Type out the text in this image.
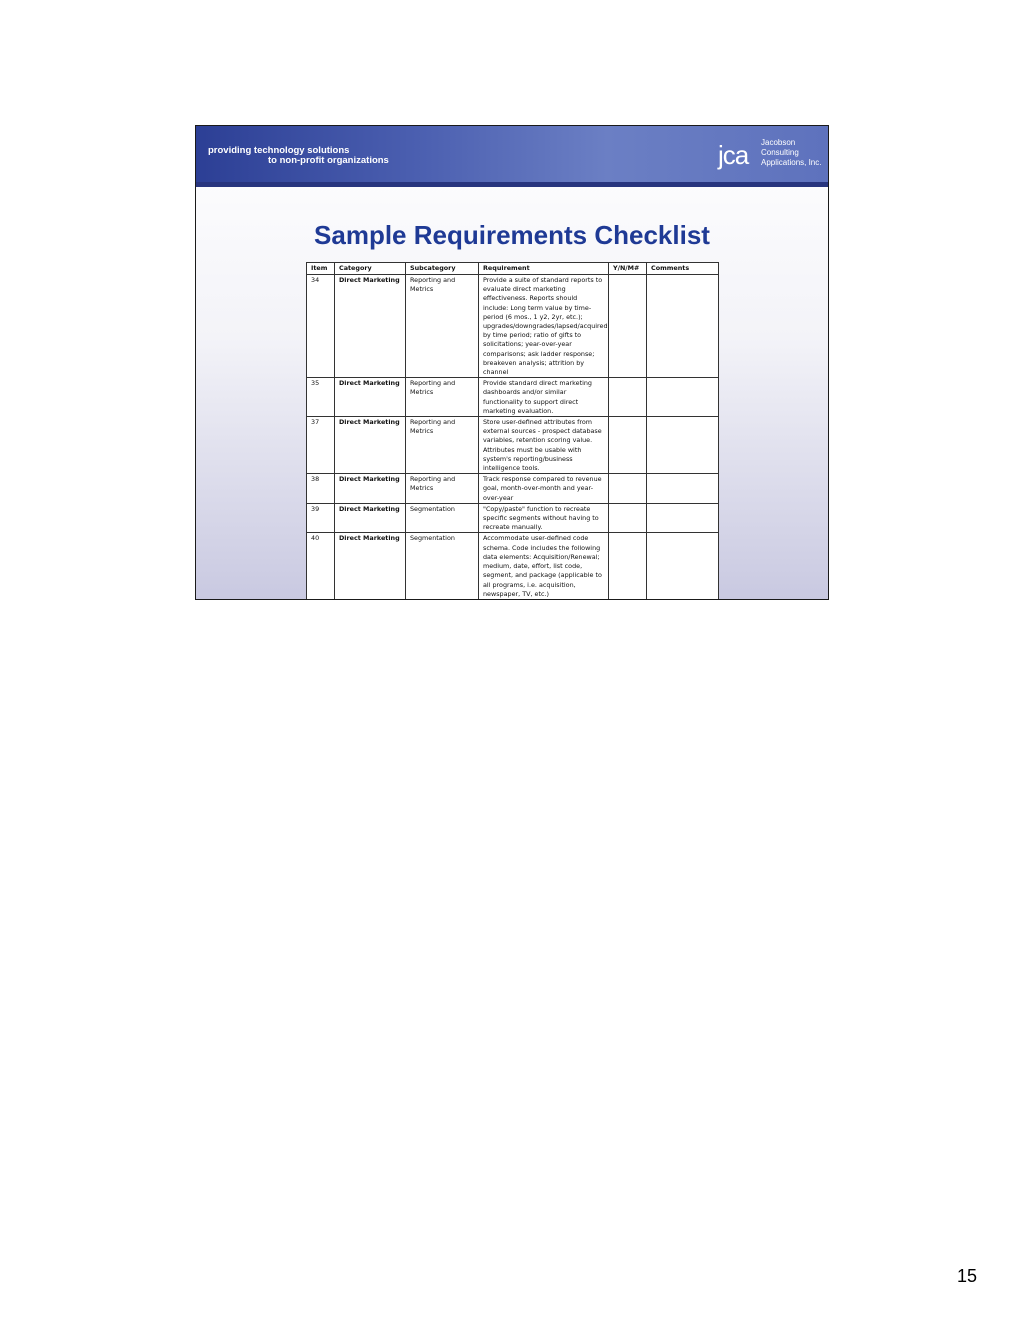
providing technology solutions
to non-profit organizations	jca Jacobson
Consulting
Applications, Inc.
Sample Requirements Checklist
Item	Category	Subcategory	Requirement	Y/N/M#	Comments
34	Direct Marketing	Reporting and Metrics	Provide a suite of standard reports to evaluate direct marketing effectiveness. Reports should include: Long term value by time-period (6 mos., 1 y2, 2yr, etc.); upgrades/downgrades/lapsed/acquired by time period; ratio of gifts to solicitations; year-over-year comparisons; ask ladder response; breakeven analysis; attrition by channel		
35	Direct Marketing	Reporting and Metrics	Provide standard direct marketing dashboards and/or similar functionality to support direct marketing evaluation.		
37	Direct Marketing	Reporting and Metrics	Store user-defined attributes from external sources - prospect database variables, retention scoring value. Attributes must be usable with system's reporting/business intelligence tools.		
38	Direct Marketing	Reporting and Metrics	Track response compared to revenue goal, month-over-month and year-over-year		
39	Direct Marketing	Segmentation	"Copy/paste" function to recreate specific segments without having to recreate manually.		
40	Direct Marketing	Segmentation	Accommodate user-defined code schema. Code includes the following data elements: Acquisition/Renewal; medium, date, effort, list code, segment, and package (applicable to all programs, i.e. acquisition, newspaper, TV, etc.)		
15
